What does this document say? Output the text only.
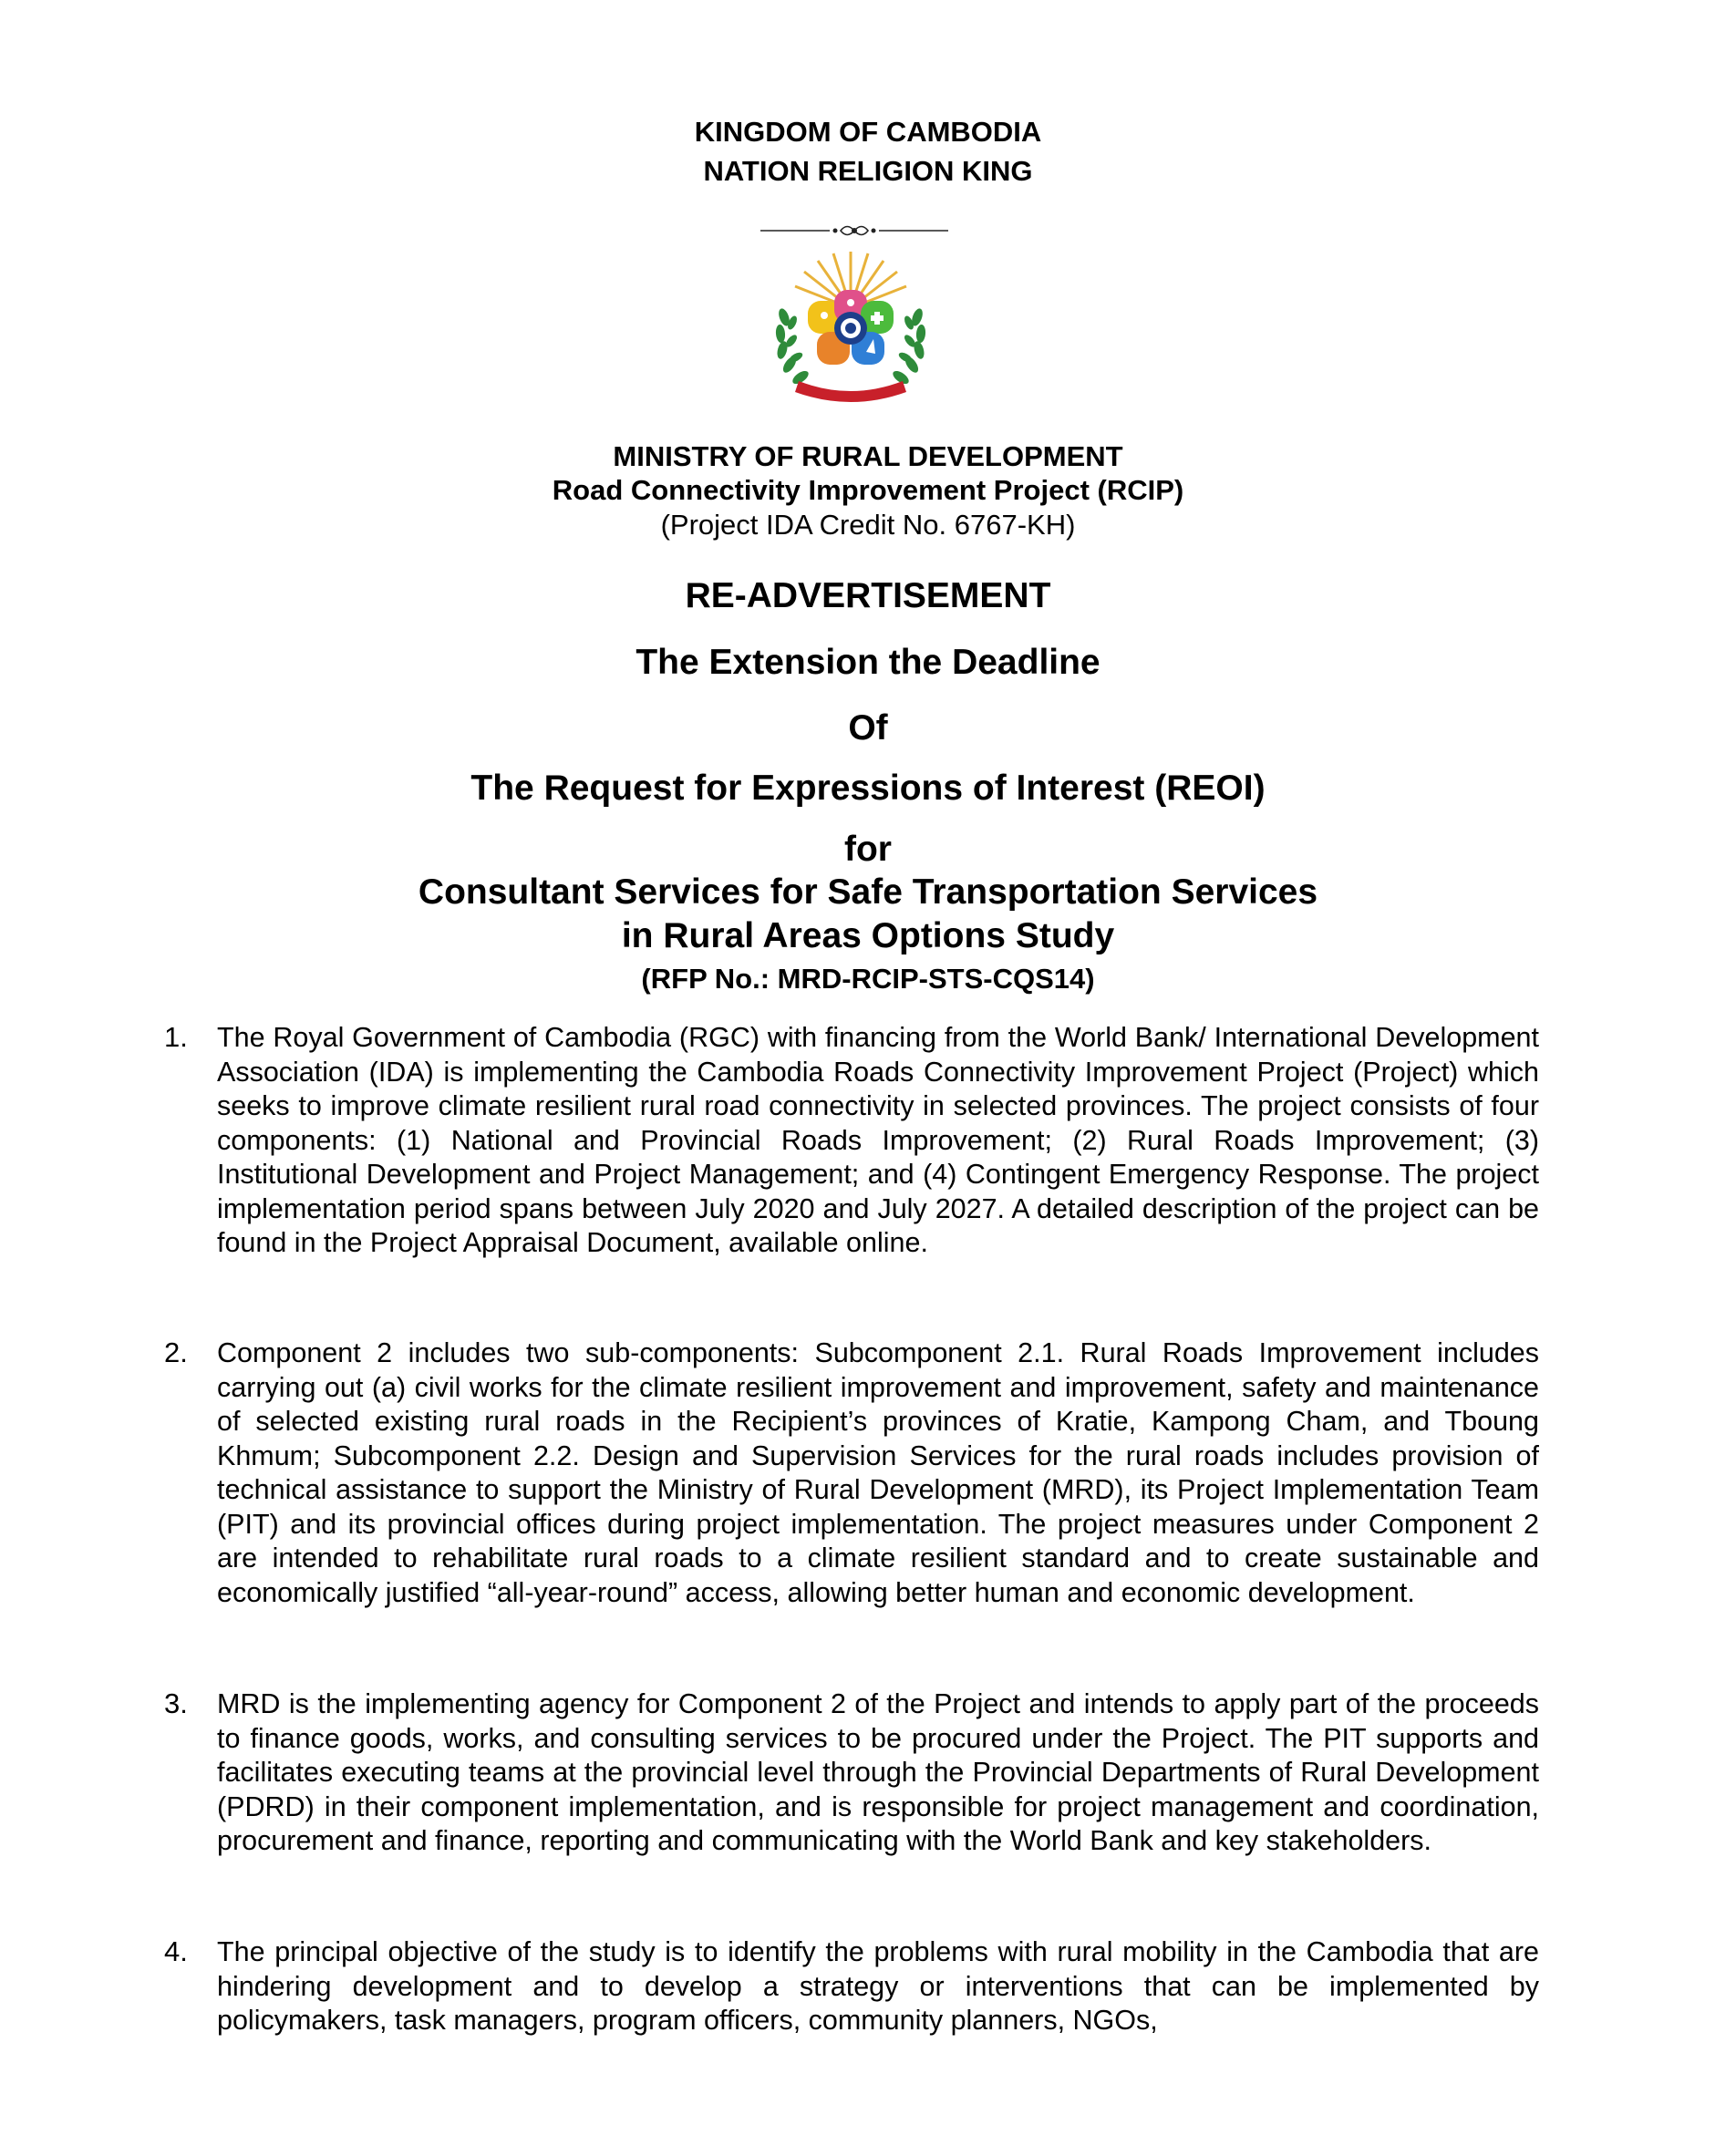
KINGDOM OF CAMBODIA
NATION RELIGION KING
MINISTRY OF RURAL DEVELOPMENT
Road Connectivity Improvement Project (RCIP)
(Project IDA Credit No. 6767-KH)
RE-ADVERTISEMENT
The Extension the Deadline
Of
The Request for Expressions of Interest (REOI)
for
Consultant Services for Safe Transportation Services
in Rural Areas Options Study
(RFP No.: MRD-RCIP-STS-CQS14)
1. The Royal Government of Cambodia (RGC) with financing from the World Bank/ International Development Association (IDA) is implementing the Cambodia Roads Connectivity Improvement Project (Project) which seeks to improve climate resilient rural road connectivity in selected provinces. The project consists of four components: (1) National and Provincial Roads Improvement; (2) Rural Roads Improvement; (3) Institutional Development and Project Management; and (4) Contingent Emergency Response. The project implementation period spans between July 2020 and July 2027. A detailed description of the project can be found in the Project Appraisal Document, available online.

2. Component 2 includes two sub-components: Subcomponent 2.1. Rural Roads Improvement includes carrying out (a) civil works for the climate resilient improvement and improvement, safety and maintenance of selected existing rural roads in the Recipient’s provinces of Kratie, Kampong Cham, and Tboung Khmum; Subcomponent 2.2. Design and Supervision Services for the rural roads includes provision of technical assistance to support the Ministry of Rural Development (MRD), its Project Implementation Team (PIT) and its provincial offices during project implementation. The project measures under Component 2 are intended to rehabilitate rural roads to a climate resilient standard and to create sustainable and economically justified “all-year-round” access, allowing better human and economic development.

3. MRD is the implementing agency for Component 2 of the Project and intends to apply part of the proceeds to finance goods, works, and consulting services to be procured under the Project. The PIT supports and facilitates executing teams at the provincial level through the Provincial Departments of Rural Development (PDRD) in their component implementation, and is responsible for project management and coordination, procurement and finance, reporting and communicating with the World Bank and key stakeholders.

4. The principal objective of the study is to identify the problems with rural mobility in the Cambodia that are hindering development and to develop a strategy or interventions that can be implemented by policymakers, task managers, program officers, community planners, NGOs,
